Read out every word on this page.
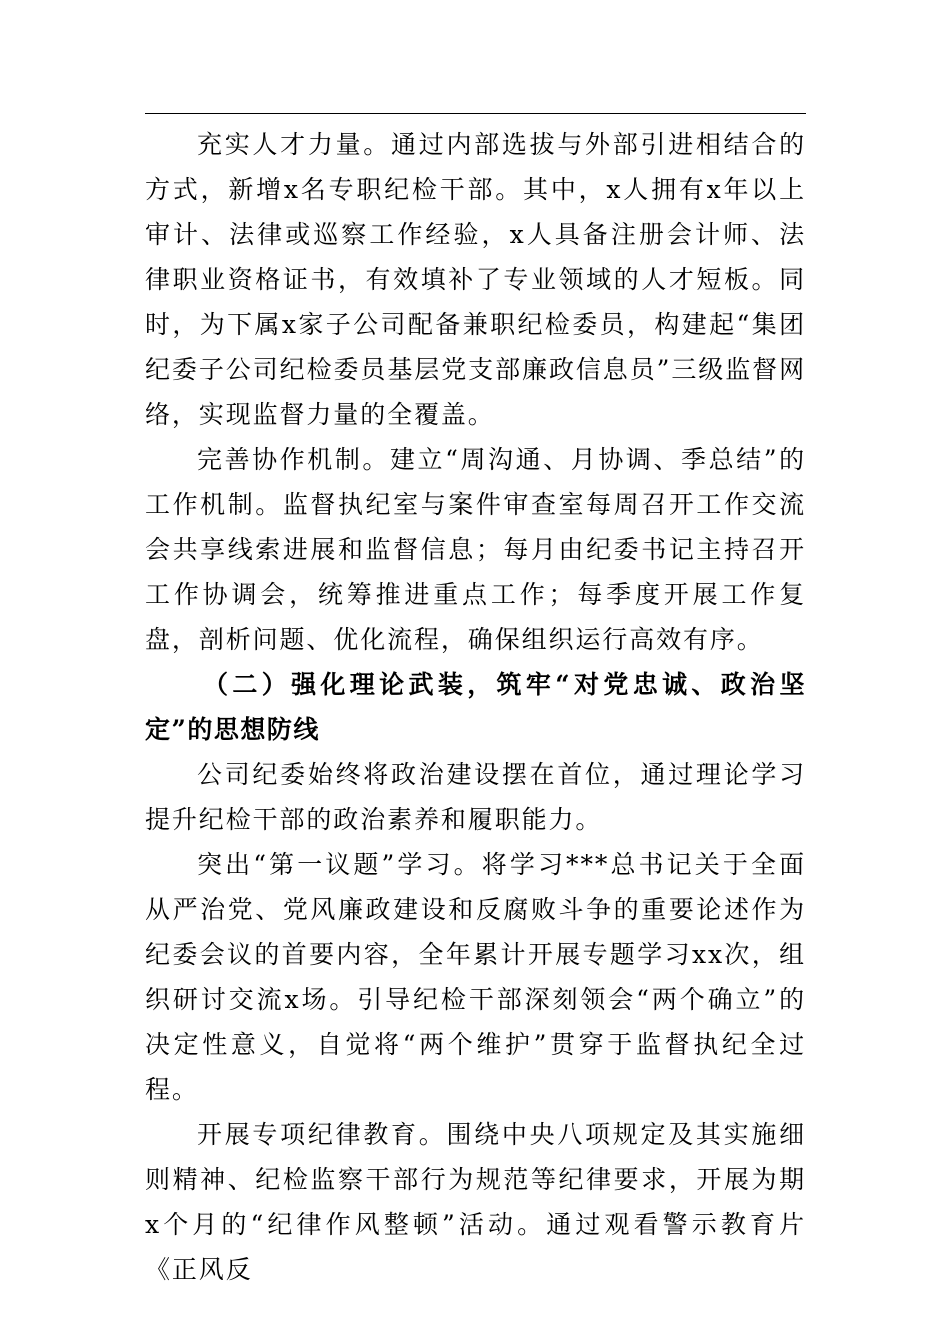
充实人才力量。通过内部选拔与外部引进相结合的方式，新增x名专职纪检干部。其中，x人拥有x年以上审计、法律或巡察工作经验，x人具备注册会计师、法律职业资格证书，有效填补了专业领域的人才短板。同时，为下属x家子公司配备兼职纪检委员，构建起“集团纪委子公司纪检委员基层党支部廉政信息员”三级监督网络，实现监督力量的全覆盖。

完善协作机制。建立“周沟通、月协调、季总结”的工作机制。监督执纪室与案件审查室每周召开工作交流会共享线索进展和监督信息；每月由纪委书记主持召开工作协调会，统筹推进重点工作；每季度开展工作复盘，剖析问题、优化流程，确保组织运行高效有序。

（二）强化理论武装，筑牢“对党忠诚、政治坚定”的思想防线

公司纪委始终将政治建设摆在首位，通过理论学习提升纪检干部的政治素养和履职能力。

突出“第一议题”学习。将学习***总书记关于全面从严治党、党风廉政建设和反腐败斗争的重要论述作为纪委会议的首要内容，全年累计开展专题学习xx次，组织研讨交流x场。引导纪检干部深刻领会“两个确立”的决定性意义，自觉将“两个维护”贯穿于监督执纪全过程。

开展专项纪律教育。围绕中央八项规定及其实施细则精神、纪检监察干部行为规范等纪律要求，开展为期x个月的“纪律作风整顿”活动。通过观看警示教育片《正风反
